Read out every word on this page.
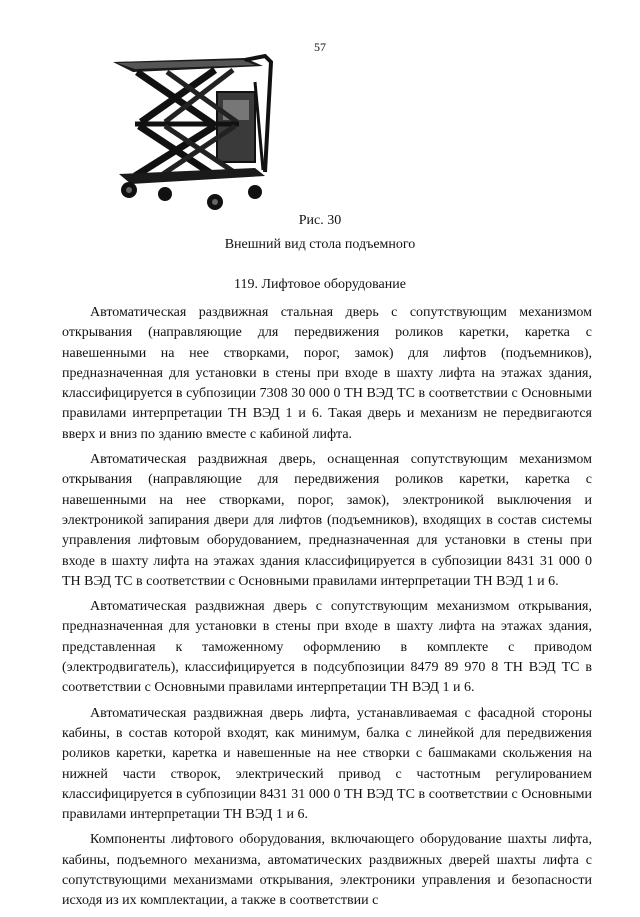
57
Рис. 30
Внешний вид стола подъемного
119. Лифтовое оборудование

Автоматическая раздвижная стальная дверь с сопутствующим механизмом открывания (направляющие для передвижения роликов каретки, каретка с навешенными на нее створками, порог, замок) для лифтов (подъемников), предназначенная для установки в стены при входе в шахту лифта на этажах здания, классифицируется в субпозиции 7308 30 000 0 ТН ВЭД ТС в соответствии с Основными правилами интерпретации ТН ВЭД 1 и 6. Такая дверь и механизм не передвигаются вверх и вниз по зданию вместе с кабиной лифта.

Автоматическая раздвижная дверь, оснащенная сопутствующим механизмом открывания (направляющие для передвижения роликов каретки, каретка с навешенными на нее створками, порог, замок), электроникой выключения и электроникой запирания двери для лифтов (подъемников), входящих в состав системы управления лифтовым оборудованием, предназначенная для установки в стены при входе в шахту лифта на этажах здания классифицируется в субпозиции 8431 31 000 0 ТН ВЭД ТС в соответствии с Основными правилами интерпретации ТН ВЭД 1 и 6.

Автоматическая раздвижная дверь с сопутствующим механизмом открывания, предназначенная для установки в стены при входе в шахту лифта на этажах здания, представленная к таможенному оформлению в комплекте с приводом (электродвигатель), классифицируется в подсубпозиции 8479 89 970 8 ТН ВЭД ТС в соответствии с Основными правилами интерпретации ТН ВЭД 1 и 6.

Автоматическая раздвижная дверь лифта, устанавливаемая с фасадной стороны кабины, в состав которой входят, как минимум, балка с линейкой для передвижения роликов каретки, каретка и навешенные на нее створки с башмаками скольжения на нижней части створок, электрический привод с частотным регулированием классифицируется в субпозиции 8431 31 000 0 ТН ВЭД ТС в соответствии с Основными правилами интерпретации ТН ВЭД 1 и 6.

Компоненты лифтового оборудования, включающего оборудование шахты лифта, кабины, подъемного механизма, автоматических раздвижных дверей шахты лифта с сопутствующими механизмами открывания, электроники управления и безопасности исходя из их комплектации, а также в соответствии с
